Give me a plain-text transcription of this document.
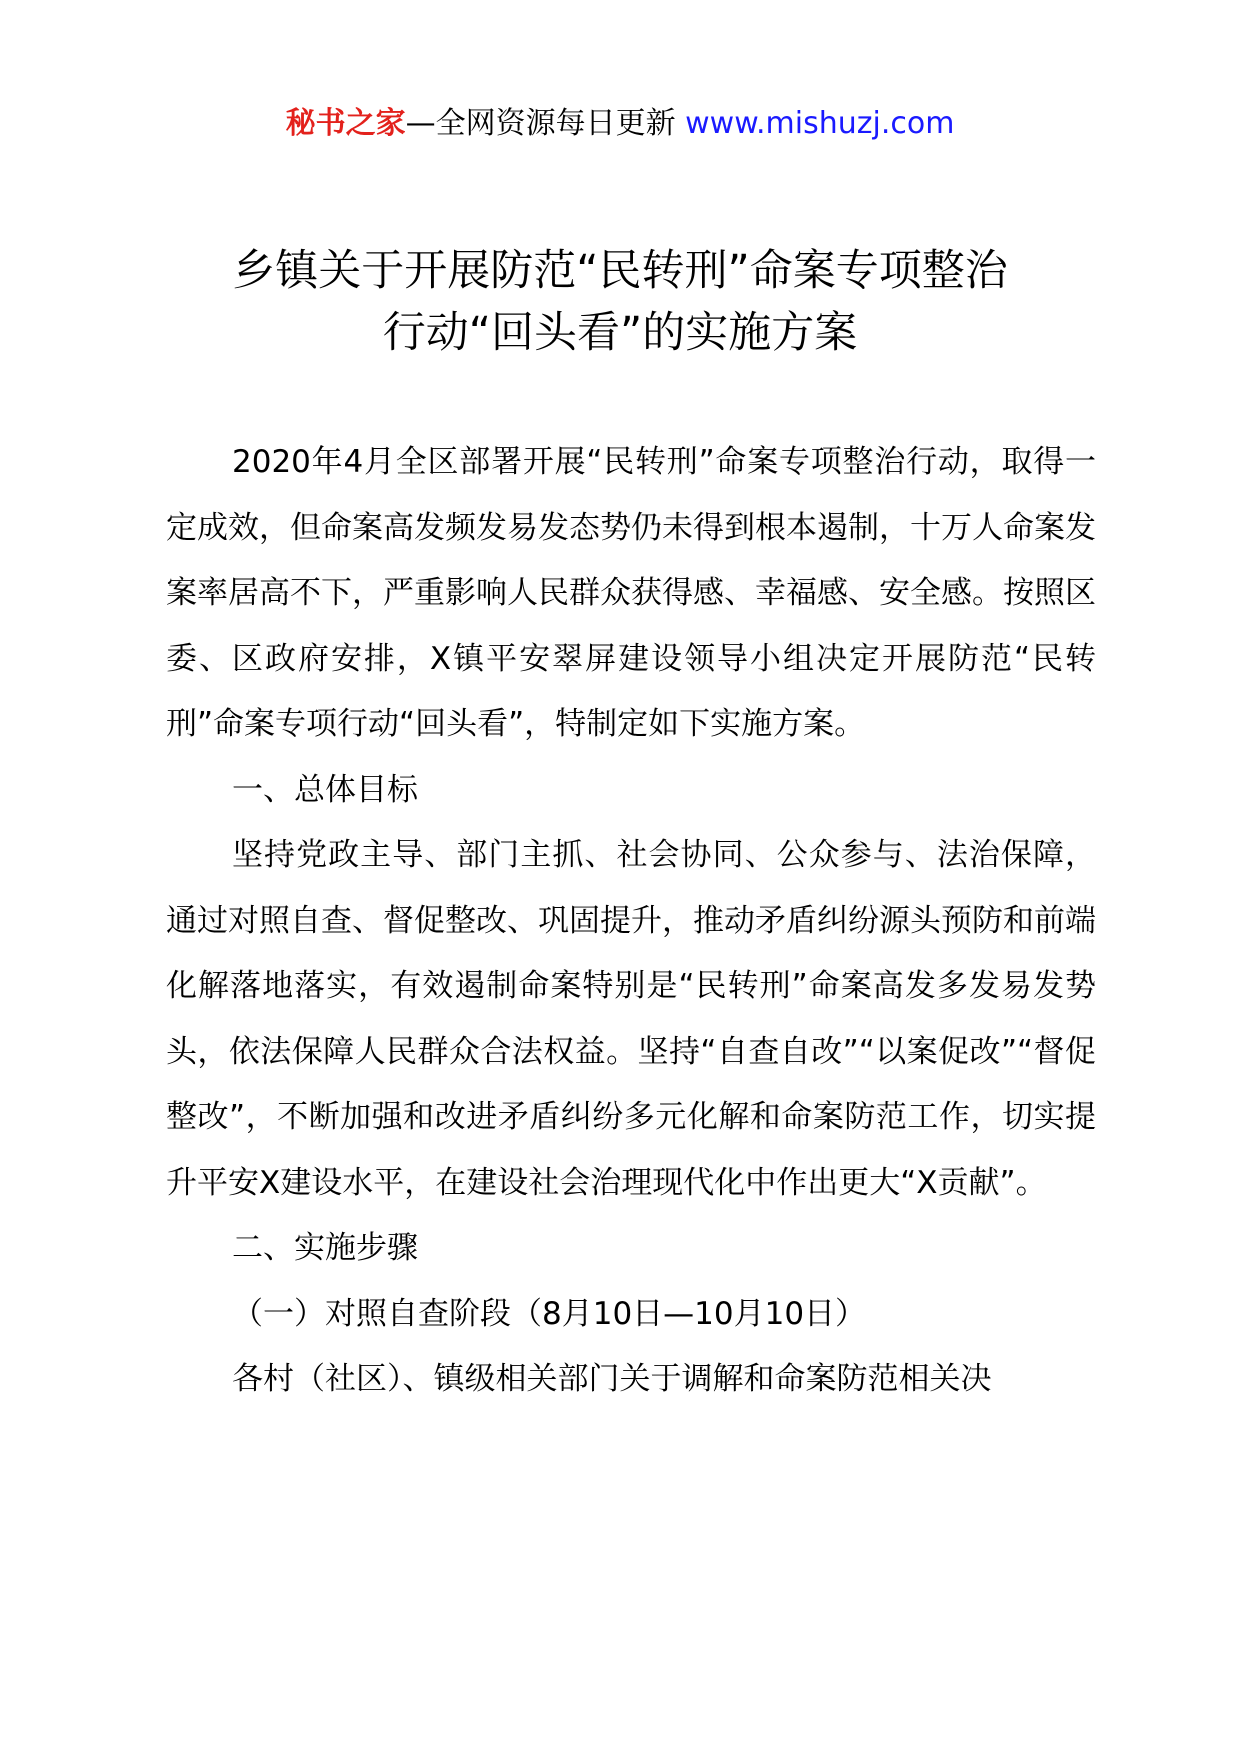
秘书之家—全网资源每日更新 www.mishuzj.com
乡镇关于开展防范“民转刑”命案专项整治
行动“回头看”的实施方案

2020年4月全区部署开展“民转刑”命案专项整治行动，取得一定成效，但命案高发频发易发态势仍未得到根本遏制，十万人命案发案率居高不下，严重影响人民群众获得感、幸福感、安全感。按照区委、区政府安排，X镇平安翠屏建设领导小组决定开展防范“民转刑”命案专项行动“回头看”，特制定如下实施方案。

一、总体目标

坚持党政主导、部门主抓、社会协同、公众参与、法治保障，通过对照自查、督促整改、巩固提升，推动矛盾纠纷源头预防和前端化解落地落实，有效遏制命案特别是“民转刑”命案高发多发易发势头，依法保障人民群众合法权益。坚持“自查自改”“以案促改”“督促整改”，不断加强和改进矛盾纠纷多元化解和命案防范工作，切实提升平安X建设水平，在建设社会治理现代化中作出更大“X贡献”。

二、实施步骤

（一）对照自查阶段（8月10日—10月10日）

各村（社区）、镇级相关部门关于调解和命案防范相关决
